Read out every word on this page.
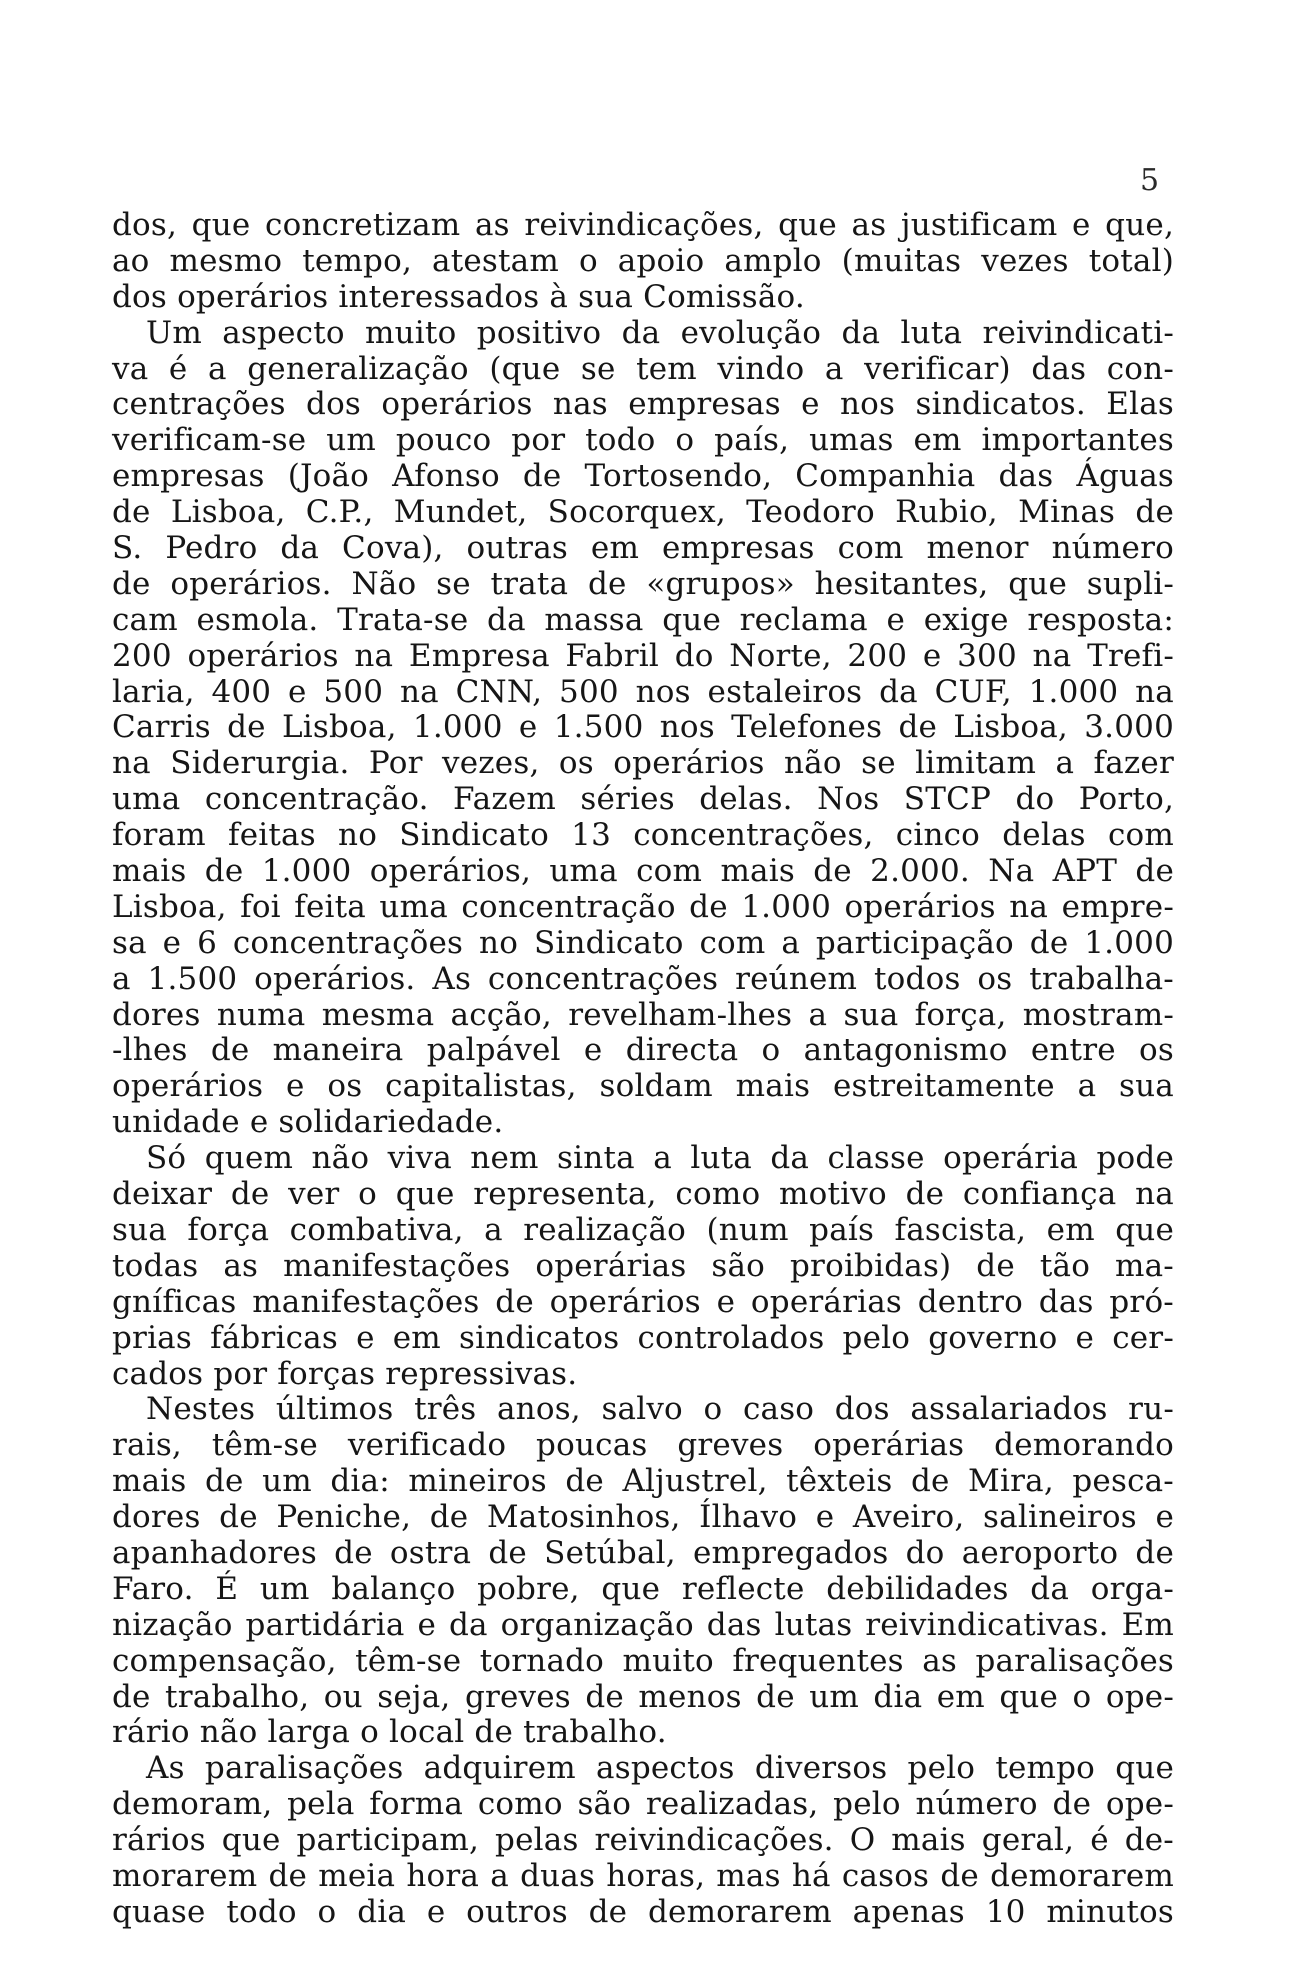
5
dos, que concretizam as reivindicações, que as justificam e que,
ao mesmo tempo, atestam o apoio amplo (muitas vezes total)
dos operários interessados à sua Comissão.
Um aspecto muito positivo da evolução da luta reivindicati-
va é a generalização (que se tem vindo a verificar) das con-
centrações dos operários nas empresas e nos sindicatos. Elas
verificam-se um pouco por todo o país, umas em importantes
empresas (João Afonso de Tortosendo, Companhia das Águas
de Lisboa, C.P., Mundet, Socorquex, Teodoro Rubio, Minas de
S. Pedro da Cova), outras em empresas com menor número
de operários. Não se trata de «grupos» hesitantes, que supli-
cam esmola. Trata-se da massa que reclama e exige resposta:
200 operários na Empresa Fabril do Norte, 200 e 300 na Trefi-
laria, 400 e 500 na CNN, 500 nos estaleiros da CUF, 1.000 na
Carris de Lisboa, 1.000 e 1.500 nos Telefones de Lisboa, 3.000
na Siderurgia. Por vezes, os operários não se limitam a fazer
uma concentração. Fazem séries delas. Nos STCP do Porto,
foram feitas no Sindicato 13 concentrações, cinco delas com
mais de 1.000 operários, uma com mais de 2.000. Na APT de
Lisboa, foi feita uma concentração de 1.000 operários na empre-
sa e 6 concentrações no Sindicato com a participação de 1.000
a 1.500 operários. As concentrações reúnem todos os trabalha-
dores numa mesma acção, revelham-lhes a sua força, mostram-
-lhes de maneira palpável e directa o antagonismo entre os
operários e os capitalistas, soldam mais estreitamente a sua
unidade e solidariedade.
Só quem não viva nem sinta a luta da classe operária pode
deixar de ver o que representa, como motivo de confiança na
sua força combativa, a realização (num país fascista, em que
todas as manifestações operárias são proibidas) de tão ma-
gníficas manifestações de operários e operárias dentro das pró-
prias fábricas e em sindicatos controlados pelo governo e cer-
cados por forças repressivas.
Nestes últimos três anos, salvo o caso dos assalariados ru-
rais, têm-se verificado poucas greves operárias demorando
mais de um dia: mineiros de Aljustrel, têxteis de Mira, pesca-
dores de Peniche, de Matosinhos, Ílhavo e Aveiro, salineiros e
apanhadores de ostra de Setúbal, empregados do aeroporto de
Faro. É um balanço pobre, que reflecte debilidades da orga-
nização partidária e da organização das lutas reivindicativas. Em
compensação, têm-se tornado muito frequentes as paralisações
de trabalho, ou seja, greves de menos de um dia em que o ope-
rário não larga o local de trabalho.
As paralisações adquirem aspectos diversos pelo tempo que
demoram, pela forma como são realizadas, pelo número de ope-
rários que participam, pelas reivindicações. O mais geral, é de-
morarem de meia hora a duas horas, mas há casos de demorarem
quase todo o dia e outros de demorarem apenas 10 minutos
